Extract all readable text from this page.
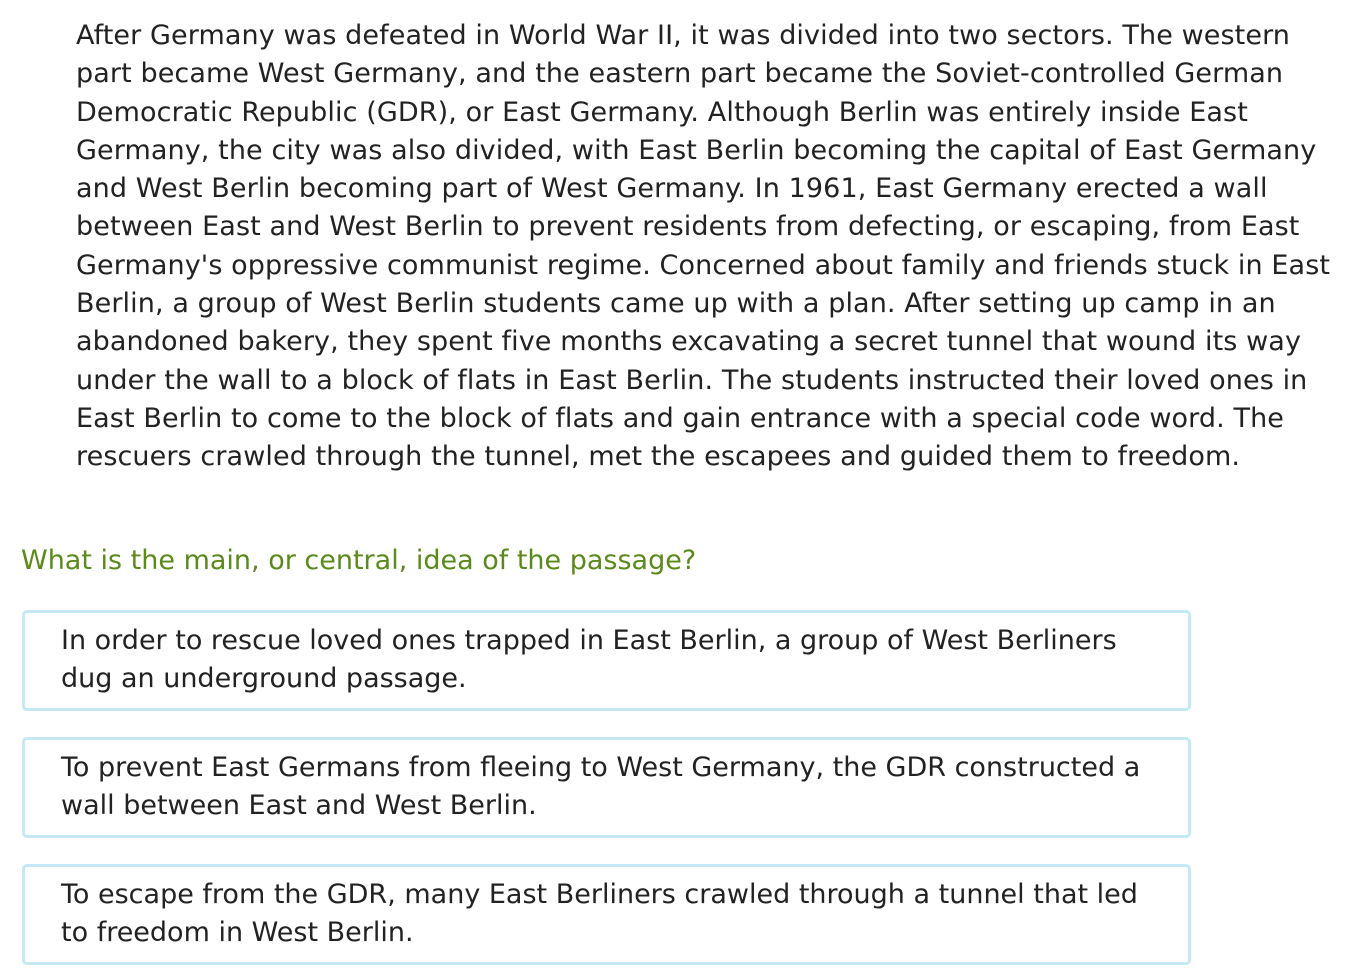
After Germany was defeated in World War II, it was divided into two sectors. The western part became West Germany, and the eastern part became the Soviet-controlled German Democratic Republic (GDR), or East Germany. Although Berlin was entirely inside East Germany, the city was also divided, with East Berlin becoming the capital of East Germany and West Berlin becoming part of West Germany. In 1961, East Germany erected a wall between East and West Berlin to prevent residents from defecting, or escaping, from East Germany's oppressive communist regime. Concerned about family and friends stuck in East Berlin, a group of West Berlin students came up with a plan. After setting up camp in an abandoned bakery, they spent five months excavating a secret tunnel that wound its way under the wall to a block of flats in East Berlin. The students instructed their loved ones in East Berlin to come to the block of flats and gain entrance with a special code word. The rescuers crawled through the tunnel, met the escapees and guided them to freedom.

What is the main, or central, idea of the passage?

In order to rescue loved ones trapped in East Berlin, a group of West Berliners dug an underground passage.
To prevent East Germans from fleeing to West Germany, the GDR constructed a wall between East and West Berlin.
To escape from the GDR, many East Berliners crawled through a tunnel that led to freedom in West Berlin.
